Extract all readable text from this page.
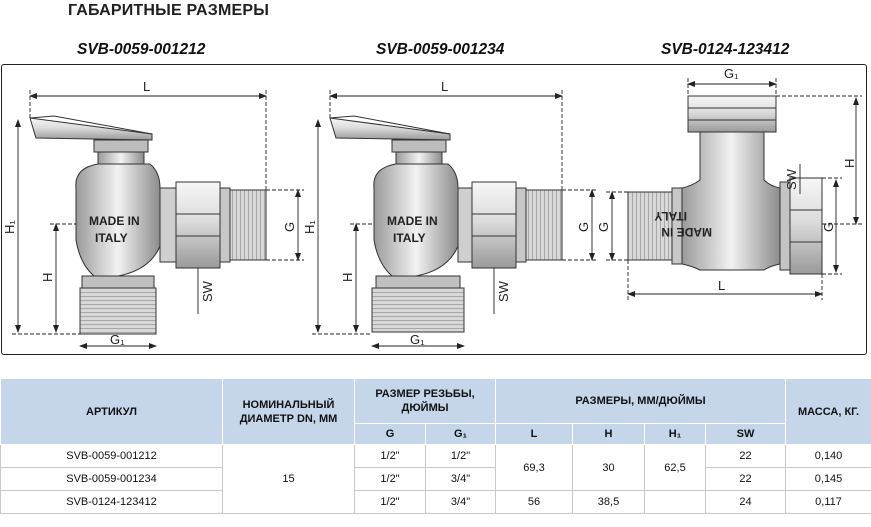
ГАБАРИТНЫЕ РАЗМЕРЫ
SVB-0059-001212	SVB-0059-001234	SVB-0124-123412
MADE IN
ITALY
L
H₁
H
G
SW
G₁
MADE IN
ITALY
L
H₁
H
G
SW
G₁
MADE IN
ITALY
G₁
H
G
G
SW
L
АРТИКУЛ	НОМИНАЛЬНЫЙ ДИАМЕТР DN, ММ	РАЗМЕР РЕЗЬБЫ, ДЮЙМЫ		РАЗМЕРЫ, ММ/ДЮЙМЫ				МАССА, КГ.
		G	G₁	L	H	H₁	SW	
SVB-0059-001212	15	1/2"	1/2"	69,3	30	62,5	22	0,140
SVB-0059-001234		1/2"	3/4"				22	0,145
SVB-0124-123412		1/2"	3/4"	56	38,5		24	0,117
